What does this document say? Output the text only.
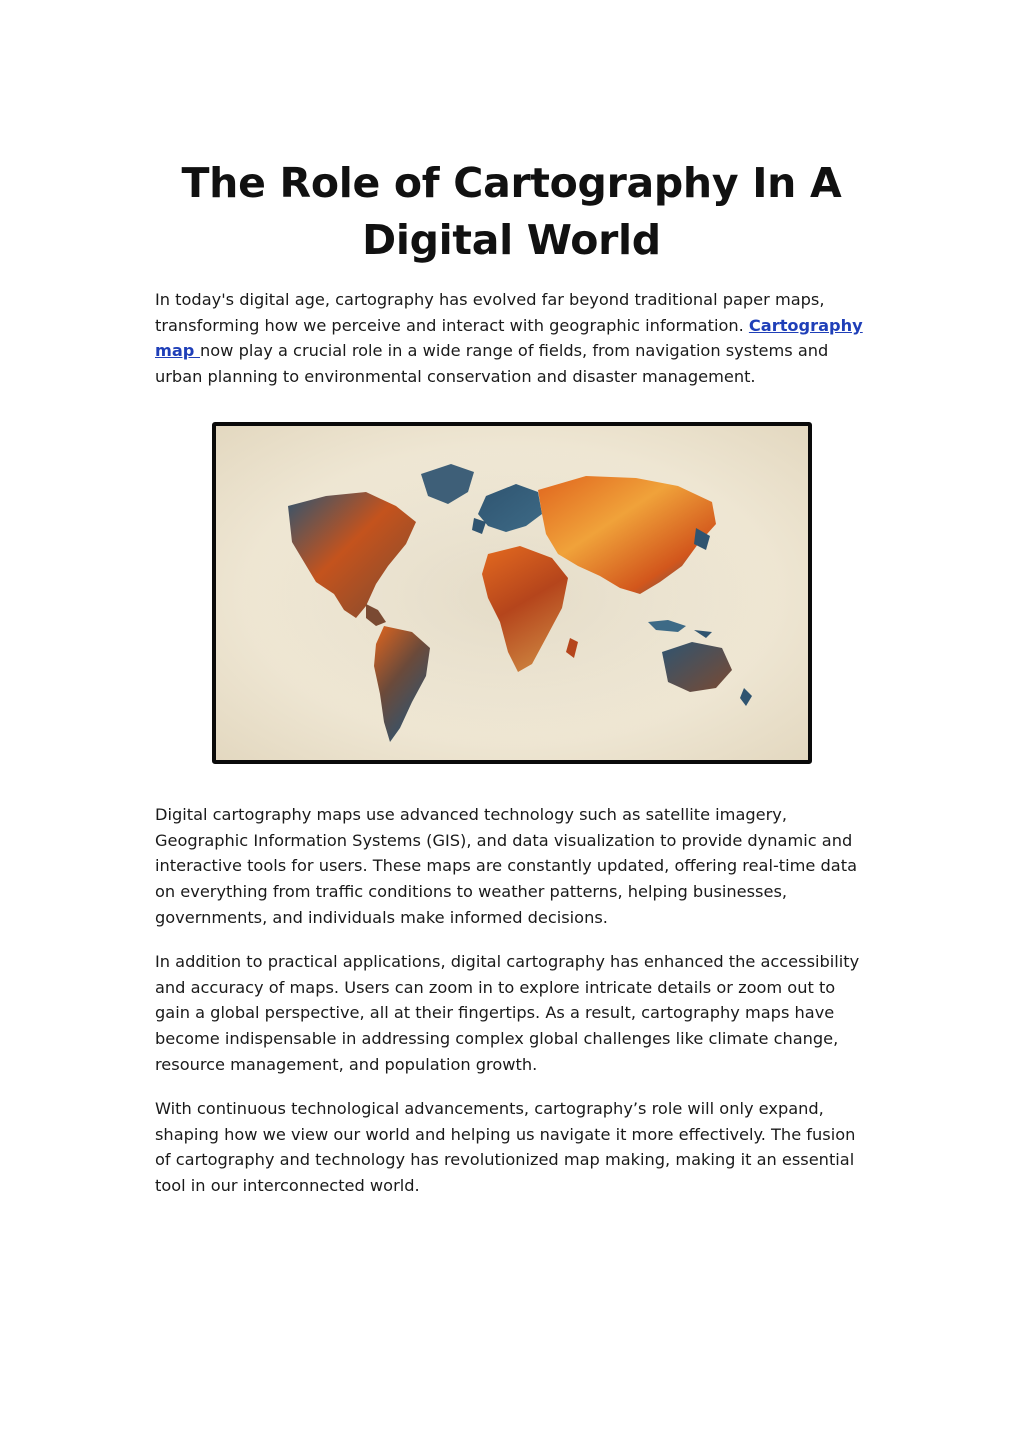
The Role of Cartography In A Digital World

In today's digital age, cartography has evolved far beyond traditional paper maps, transforming how we perceive and interact with geographic information. Cartography map now play a crucial role in a wide range of fields, from navigation systems and urban planning to environmental conservation and disaster management.

Digital cartography maps use advanced technology such as satellite imagery, Geographic Information Systems (GIS), and data visualization to provide dynamic and interactive tools for users. These maps are constantly updated, offering real-time data on everything from traffic conditions to weather patterns, helping businesses, governments, and individuals make informed decisions.

In addition to practical applications, digital cartography has enhanced the accessibility and accuracy of maps. Users can zoom in to explore intricate details or zoom out to gain a global perspective, all at their fingertips. As a result, cartography maps have become indispensable in addressing complex global challenges like climate change, resource management, and population growth.

With continuous technological advancements, cartography’s role will only expand, shaping how we view our world and helping us navigate it more effectively. The fusion of cartography and technology has revolutionized map making, making it an essential tool in our interconnected world.
